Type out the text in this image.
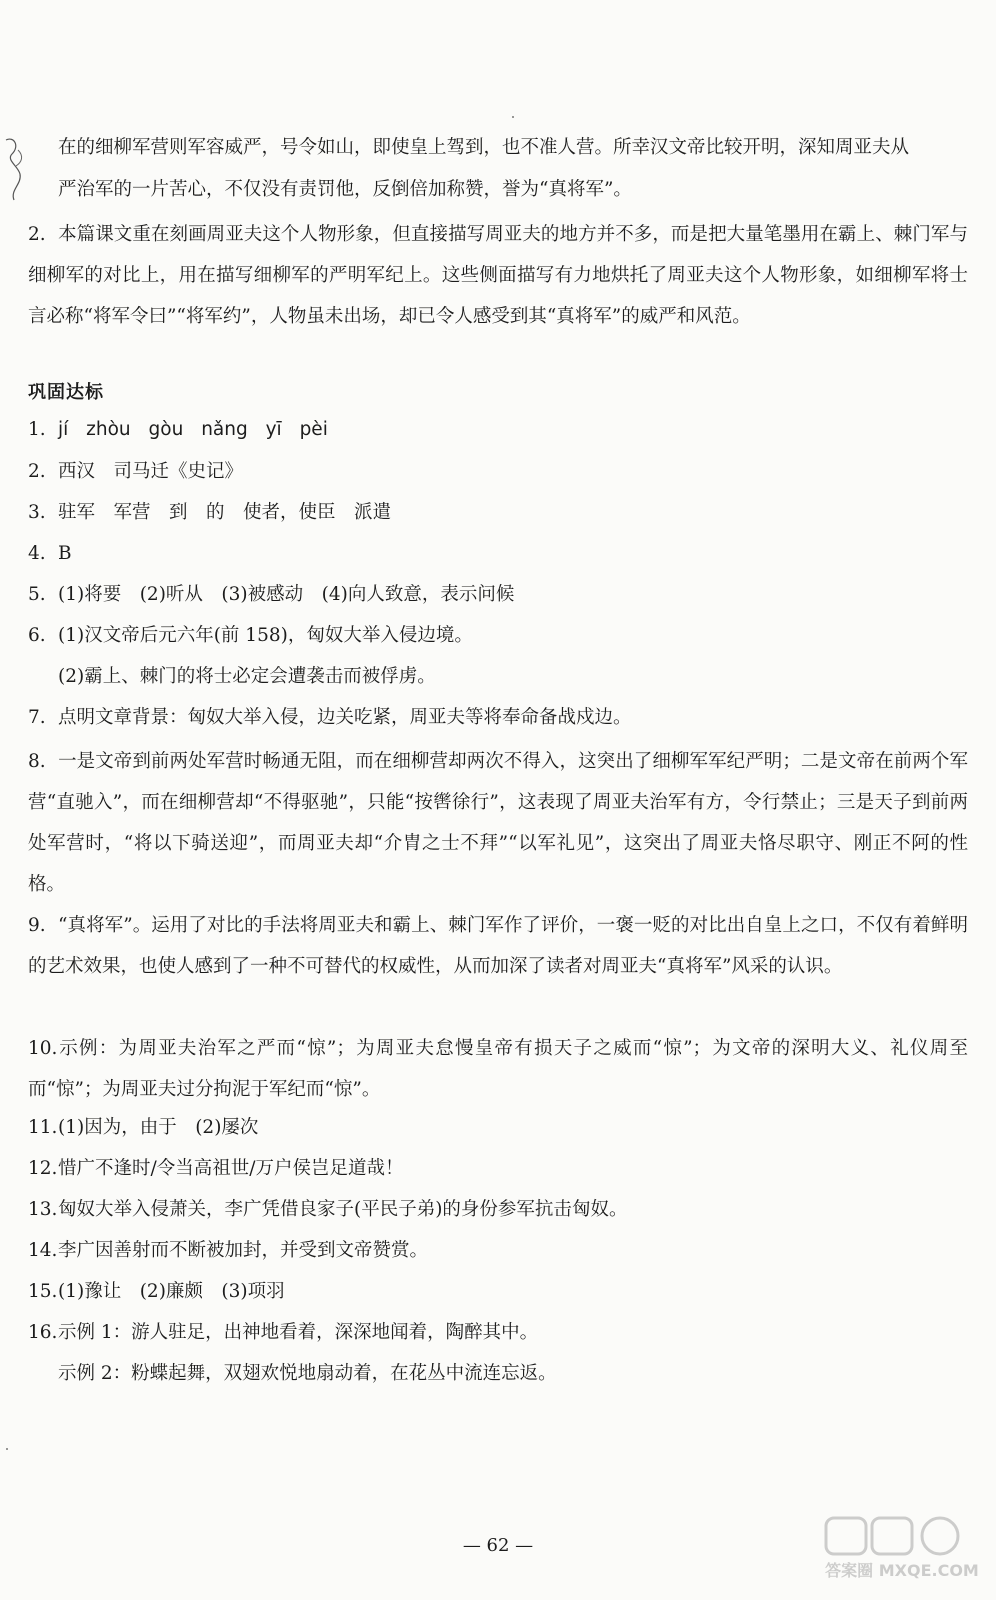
在的细柳军营则军容威严，号令如山，即使皇上驾到，也不准人营。所幸汉文帝比较开明，深知周亚夫从
严治军的一片苦心，不仅没有责罚他，反倒倍加称赞，誉为“真将军”。
2. 本篇课文重在刻画周亚夫这个人物形象，但直接描写周亚夫的地方并不多，而是把大量笔墨用在霸上、棘门军与细柳军的对比上，用在描写细柳军的严明军纪上。这些侧面描写有力地烘托了周亚夫这个人物形象，如细柳军将士言必称“将军令曰”“将军约”，人物虽未出场，却已令人感受到其“真将军”的威严和风范。
巩固达标
1. jí zhòu gòu nǎng yī pèi
2. 西汉　司马迁《史记》
3. 驻军　军营　到　的　使者，使臣　派遣
4. B
5. (1)将要　(2)听从　(3)被感动　(4)向人致意，表示问候
6. (1)汉文帝后元六年(前 158)，匈奴大举入侵边境。
(2)霸上、棘门的将士必定会遭袭击而被俘虏。
7. 点明文章背景：匈奴大举入侵，边关吃紧，周亚夫等将奉命备战戍边。
8. 一是文帝到前两处军营时畅通无阻，而在细柳营却两次不得入，这突出了细柳军军纪严明；二是文帝在前两个军营“直驰入”，而在细柳营却“不得驱驰”，只能“按辔徐行”，这表现了周亚夫治军有方，令行禁止；三是天子到前两处军营时，“将以下骑送迎”，而周亚夫却“介胄之士不拜”“以军礼见”，这突出了周亚夫恪尽职守、刚正不阿的性格。
9. “真将军”。运用了对比的手法将周亚夫和霸上、棘门军作了评价，一褒一贬的对比出自皇上之口，不仅有着鲜明的艺术效果，也使人感到了一种不可替代的权威性，从而加深了读者对周亚夫“真将军”风采的认识。
10.示例：为周亚夫治军之严而“惊”；为周亚夫怠慢皇帝有损天子之威而“惊”；为文帝的深明大义、礼仪周至而“惊”；为周亚夫过分拘泥于军纪而“惊”。
11.(1)因为，由于　(2)屡次
12.惜广不逢时/令当高祖世/万户侯岂足道哉！
13.匈奴大举入侵萧关，李广凭借良家子(平民子弟)的身份参军抗击匈奴。
14.李广因善射而不断被加封，并受到文帝赞赏。
15.(1)豫让　(2)廉颇　(3)项羽
16.示例 1：游人驻足，出神地看着，深深地闻着，陶醉其中。
示例 2：粉蝶起舞，双翅欢悦地扇动着，在花丛中流连忘返。
— 62 —
答案圈 MXQE.COM
